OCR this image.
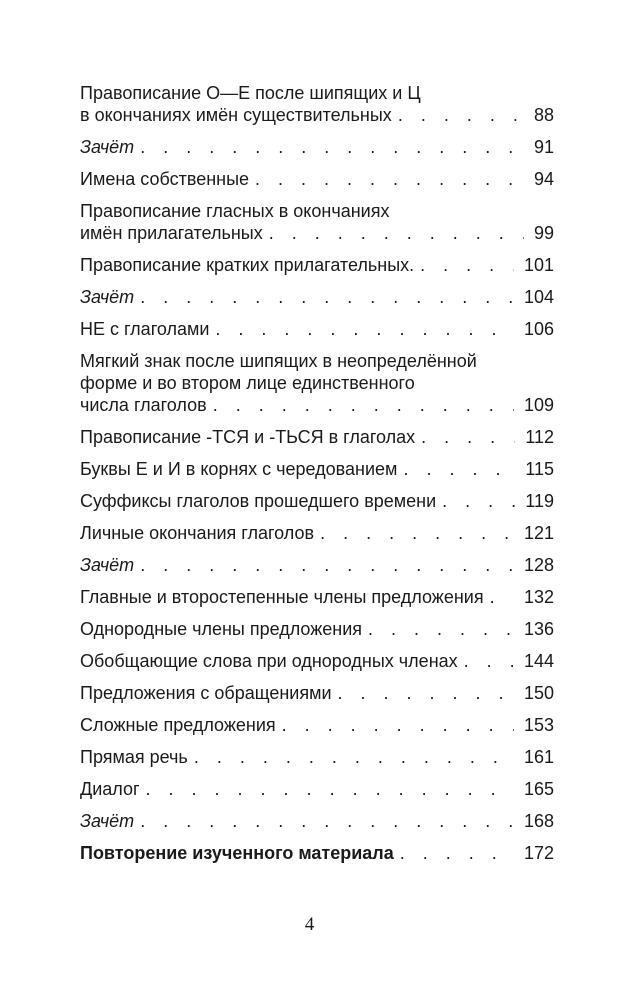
Правописание О—Е после шипящих и Ц
в окончаниях имён существительных . . .	88
Зачёт . . .	91
Имена собственные . . .	94
Правописание гласных в окончаниях
имён прилагательных . . .	99
Правописание кратких прилагательных. . . .	101
Зачёт . . .	104
НЕ с глаголами . . .	106
Мягкий знак после шипящих в неопределённой
форме и во втором лице единственного
числа глаголов . . .	109
Правописание -ТСЯ и -ТЬСЯ в глаголах . . .	112
Буквы Е и И в корнях с чередованием . . .	115
Суффиксы глаголов прошедшего времени . . .	119
Личные окончания глаголов . . .	121
Зачёт . . .	128
Главные и второстепенные члены предложения . . .	132
Однородные члены предложения . . .	136
Обобщающие слова при однородных членах . . .	144
Предложения с обращениями . . .	150
Сложные предложения . . .	153
Прямая речь . . .	161
Диалог . . .	165
Зачёт . . .	168
Повторение изученного материала . . .	172
4
